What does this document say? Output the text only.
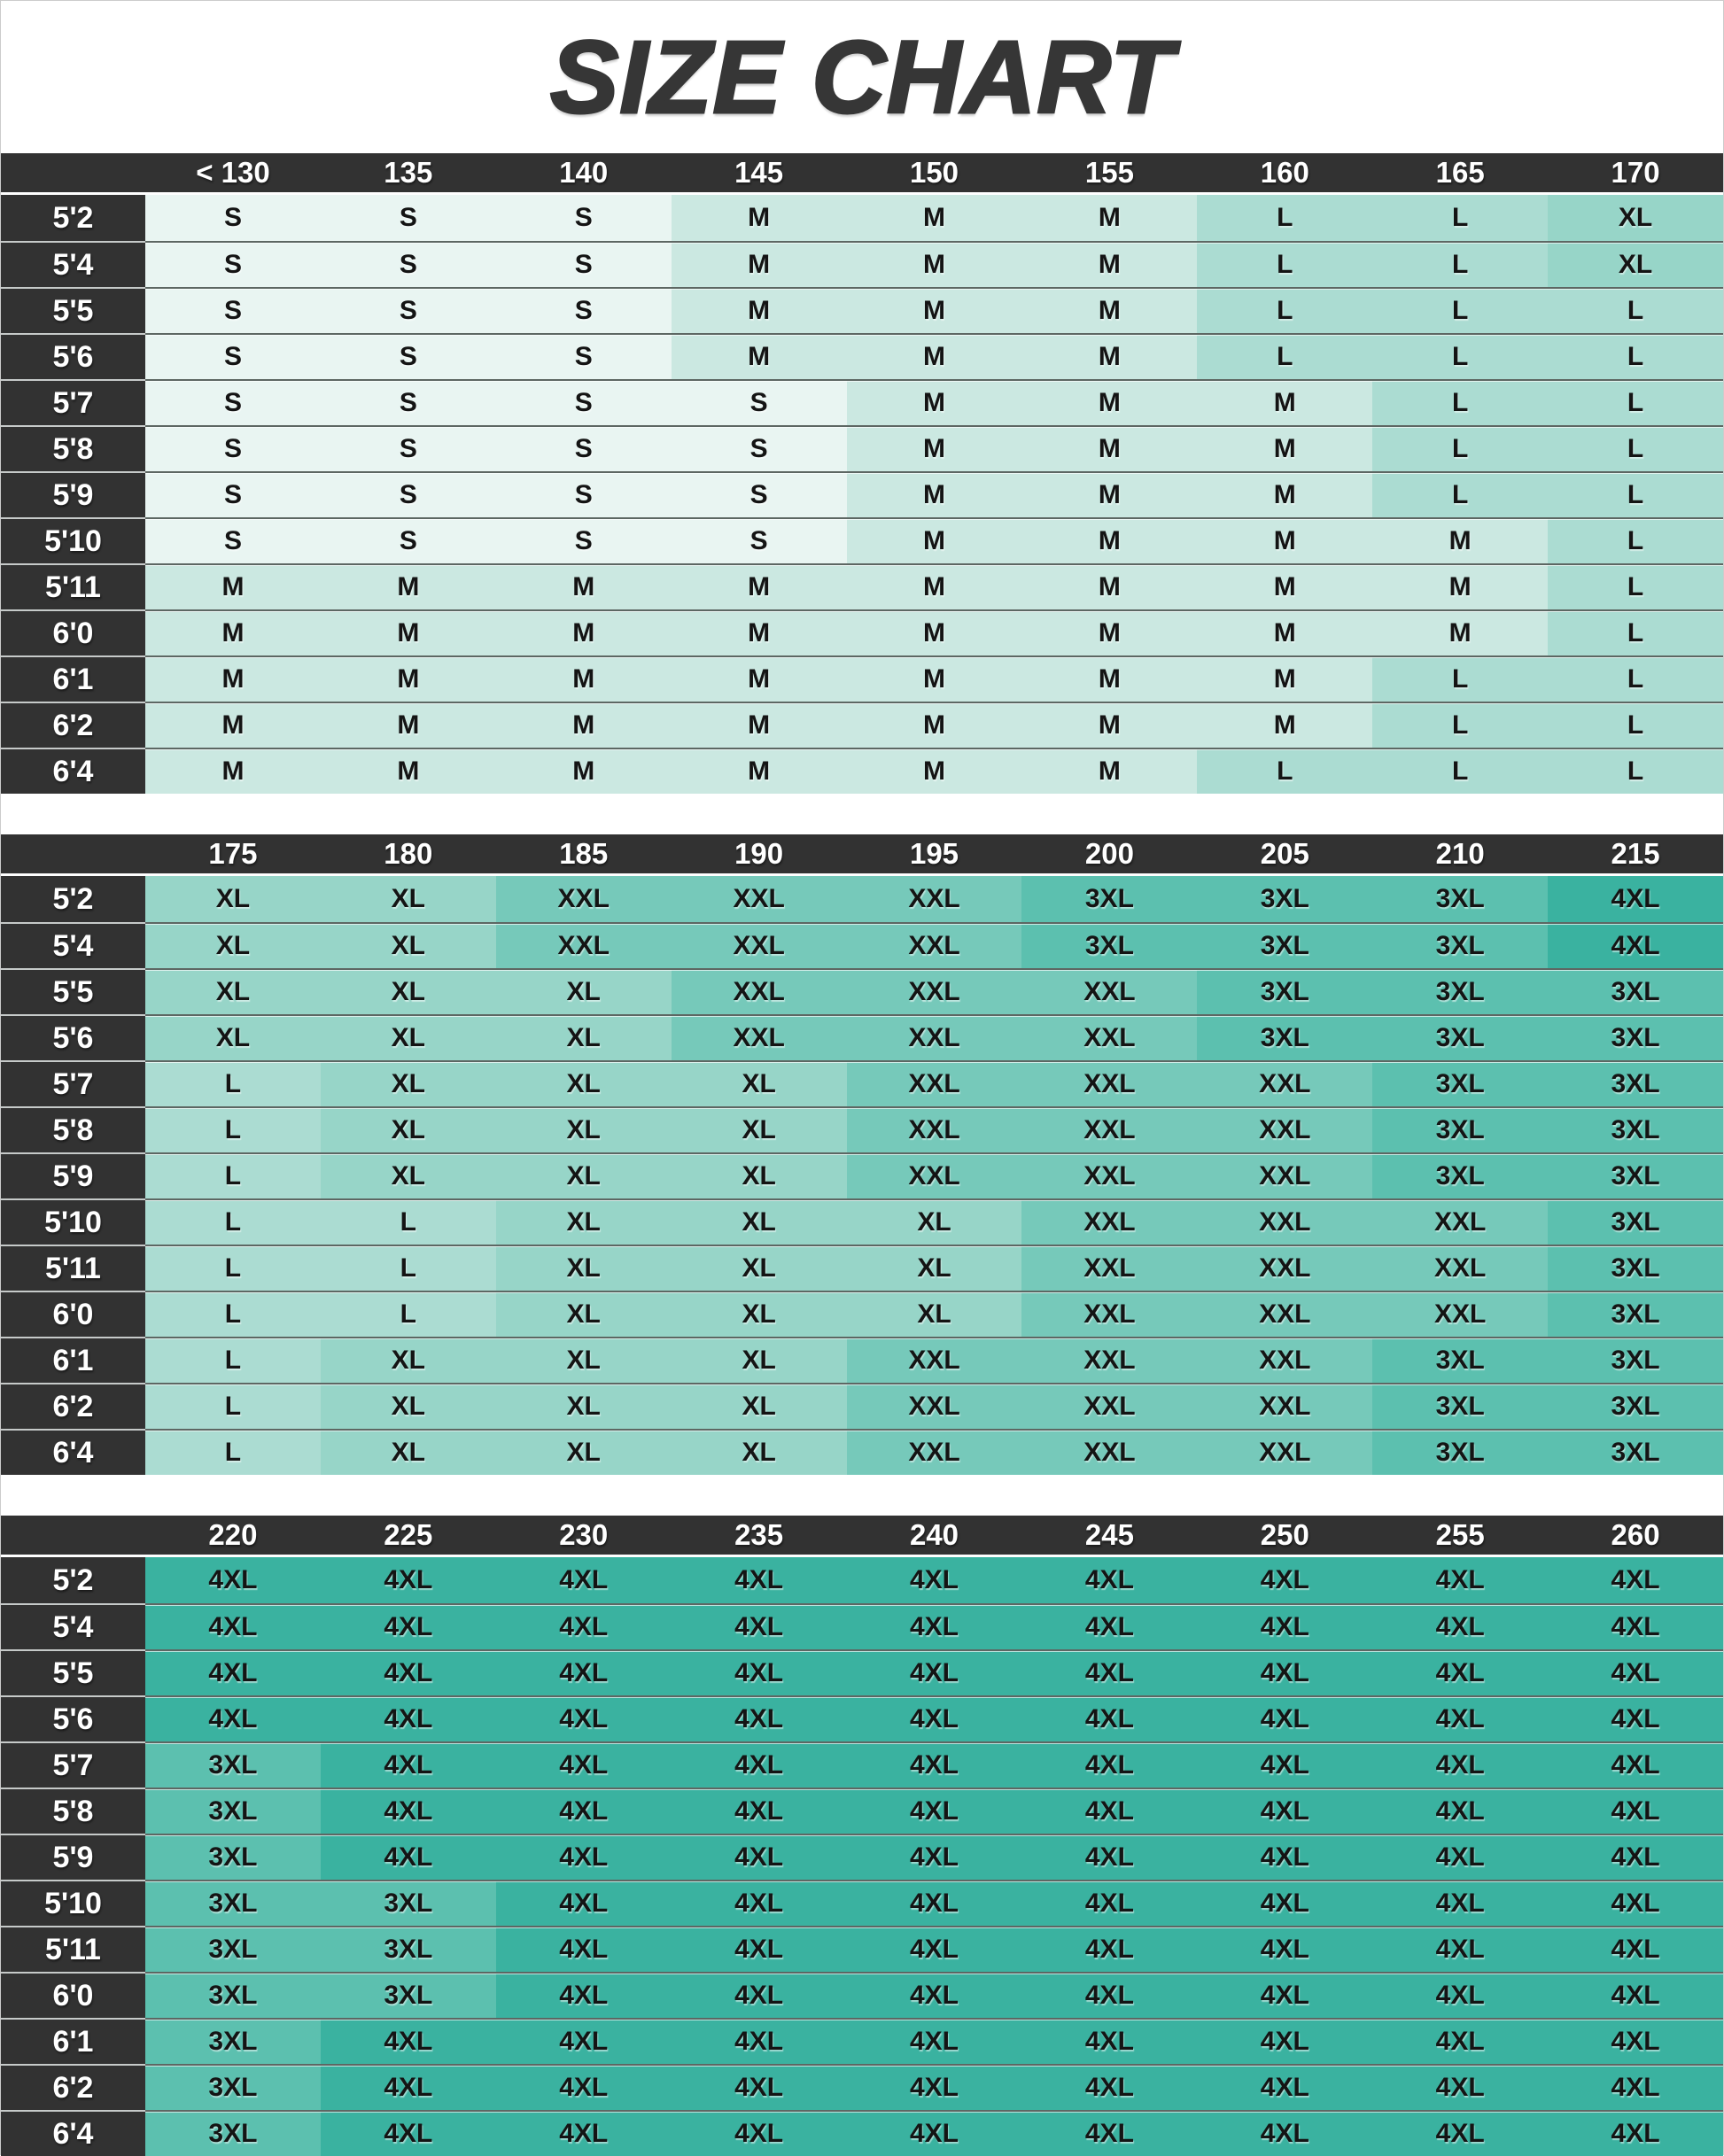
SIZE CHART
< 130	135	140	145	150	155	160	165	170
5'2	S	S	S	M	M	M	L	L	XL
5'4	S	S	S	M	M	M	L	L	XL
5'5	S	S	S	M	M	M	L	L	L
5'6	S	S	S	M	M	M	L	L	L
5'7	S	S	S	S	M	M	M	L	L
5'8	S	S	S	S	M	M	M	L	L
5'9	S	S	S	S	M	M	M	L	L
5'10	S	S	S	S	M	M	M	M	L
5'11	M	M	M	M	M	M	M	M	L
6'0	M	M	M	M	M	M	M	M	L
6'1	M	M	M	M	M	M	M	L	L
6'2	M	M	M	M	M	M	M	L	L
6'4	M	M	M	M	M	M	L	L	L
175	180	185	190	195	200	205	210	215
5'2	XL	XL	XXL	XXL	XXL	3XL	3XL	3XL	4XL
5'4	XL	XL	XXL	XXL	XXL	3XL	3XL	3XL	4XL
5'5	XL	XL	XL	XXL	XXL	XXL	3XL	3XL	3XL
5'6	XL	XL	XL	XXL	XXL	XXL	3XL	3XL	3XL
5'7	L	XL	XL	XL	XXL	XXL	XXL	3XL	3XL
5'8	L	XL	XL	XL	XXL	XXL	XXL	3XL	3XL
5'9	L	XL	XL	XL	XXL	XXL	XXL	3XL	3XL
5'10	L	L	XL	XL	XL	XXL	XXL	XXL	3XL
5'11	L	L	XL	XL	XL	XXL	XXL	XXL	3XL
6'0	L	L	XL	XL	XL	XXL	XXL	XXL	3XL
6'1	L	XL	XL	XL	XXL	XXL	XXL	3XL	3XL
6'2	L	XL	XL	XL	XXL	XXL	XXL	3XL	3XL
6'4	L	XL	XL	XL	XXL	XXL	XXL	3XL	3XL
220	225	230	235	240	245	250	255	260
5'2	4XL	4XL	4XL	4XL	4XL	4XL	4XL	4XL	4XL
5'4	4XL	4XL	4XL	4XL	4XL	4XL	4XL	4XL	4XL
5'5	4XL	4XL	4XL	4XL	4XL	4XL	4XL	4XL	4XL
5'6	4XL	4XL	4XL	4XL	4XL	4XL	4XL	4XL	4XL
5'7	3XL	4XL	4XL	4XL	4XL	4XL	4XL	4XL	4XL
5'8	3XL	4XL	4XL	4XL	4XL	4XL	4XL	4XL	4XL
5'9	3XL	4XL	4XL	4XL	4XL	4XL	4XL	4XL	4XL
5'10	3XL	3XL	4XL	4XL	4XL	4XL	4XL	4XL	4XL
5'11	3XL	3XL	4XL	4XL	4XL	4XL	4XL	4XL	4XL
6'0	3XL	3XL	4XL	4XL	4XL	4XL	4XL	4XL	4XL
6'1	3XL	4XL	4XL	4XL	4XL	4XL	4XL	4XL	4XL
6'2	3XL	4XL	4XL	4XL	4XL	4XL	4XL	4XL	4XL
6'4	3XL	4XL	4XL	4XL	4XL	4XL	4XL	4XL	4XL
